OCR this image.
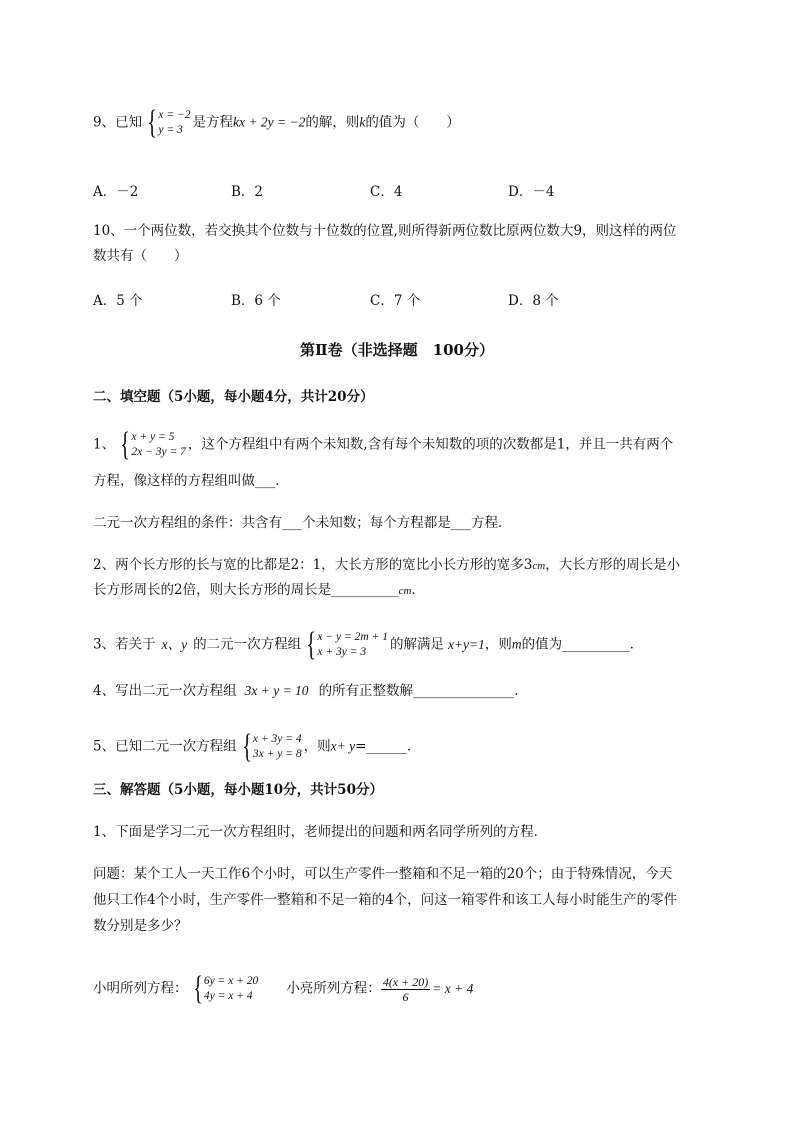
9、已知 { x = −2
y = 3 是方程kx + 2y = −2的解，则k的值为（　　）
A．－2	B．2	C．4	D．－4
10、一个两位数，若交换其个位数与十位数的位置,则所得新两位数比原两位数大9，则这样的两位
数共有（　　）
A．5 个	B．6 个	C．7 个	D．8 个
第Ⅱ卷（非选择题　100分）
二、填空题（5小题，每小题4分，共计20分）
1、 { x + y = 5
2x − 3y = 7 ，这个方程组中有两个未知数,含有每个未知数的项的次数都是1，并且一共有两个
方程，像这样的方程组叫做___．
二元一次方程组的条件：共含有___个未知数；每个方程都是___方程．
2、两个长方形的长与宽的比都是2：1，大长方形的宽比小长方形的宽多3cm，大长方形的周长是小
长方形周长的2倍，则大长方形的周长是__________cm．
3、若关于 x、y 的二元一次方程组 { x − y = 2m + 1
x + 3y = 3	的解满足 x+y=1，则m的值为__________.
4、写出二元一次方程组 3x + y = 10 的所有正整数解_______________.
5、已知二元一次方程组 { x + 3y = 4
3x + y = 8 ，则x+ y=______.
三、解答题（5小题，每小题10分，共计50分）
1、下面是学习二元一次方程组时，老师提出的问题和两名同学所列的方程．
问题：某个工人一天工作6个小时，可以生产零件一整箱和不足一箱的20个；由于特殊情况，今天
他只工作4个小时，生产零件一整箱和不足一箱的4个，问这一箱零件和该工人每小时能生产的零件
数分别是多少？
小明所列方程： { 6y = x + 20
4y = x + 4	小亮所列方程： $\frac{4(x + 20)}{6} = x + 4$
